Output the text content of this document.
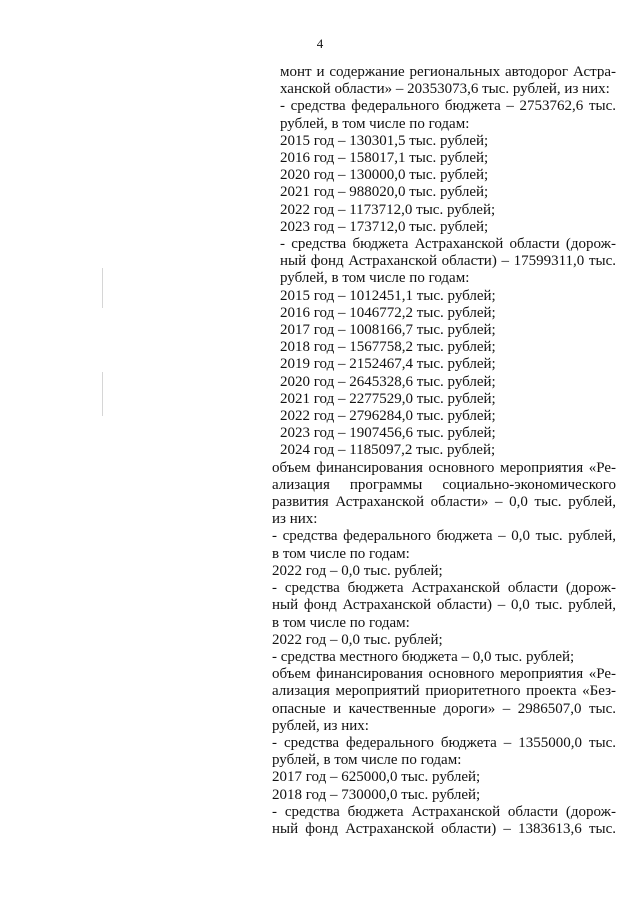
4
монт и содержание региональных автодорог Астра-
ханской области» – 20353073,6 тыс. рублей, из них:
- средства федерального бюджета – 2753762,6 тыс.
рублей, в том числе по годам:
2015 год – 130301,5 тыс. рублей;
2016 год – 158017,1 тыс. рублей;
2020 год – 130000,0 тыс. рублей;
2021 год – 988020,0 тыс. рублей;
2022 год – 1173712,0 тыс. рублей;
2023 год – 173712,0 тыс. рублей;
- средства бюджета Астраханской области (дорож-
ный фонд Астраханской области) – 17599311,0 тыс.
рублей, в том числе по годам:
2015 год – 1012451,1 тыс. рублей;
2016 год – 1046772,2 тыс. рублей;
2017 год – 1008166,7 тыс. рублей;
2018 год – 1567758,2 тыс. рублей;
2019 год – 2152467,4 тыс. рублей;
2020 год – 2645328,6 тыс. рублей;
2021 год – 2277529,0 тыс. рублей;
2022 год – 2796284,0 тыс. рублей;
2023 год – 1907456,6 тыс. рублей;
2024 год – 1185097,2 тыс. рублей;
объем финансирования основного мероприятия «Ре-
ализация программы социально-экономического
развития Астраханской области» – 0,0 тыс. рублей,
из них:
- средства федерального бюджета – 0,0 тыс. рублей,
в том числе по годам:
2022 год – 0,0 тыс. рублей;
- средства бюджета Астраханской области (дорож-
ный фонд Астраханской области) – 0,0 тыс. рублей,
в том числе по годам:
2022 год – 0,0 тыс. рублей;
- средства местного бюджета – 0,0 тыс. рублей;
объем финансирования основного мероприятия «Ре-
ализация мероприятий приоритетного проекта «Без-
опасные и качественные дороги» – 2986507,0 тыс.
рублей, из них:
- средства федерального бюджета – 1355000,0 тыс.
рублей, в том числе по годам:
2017 год – 625000,0 тыс. рублей;
2018 год – 730000,0 тыс. рублей;
- средства бюджета Астраханской области (дорож-
ный фонд Астраханской области) – 1383613,6 тыс.
